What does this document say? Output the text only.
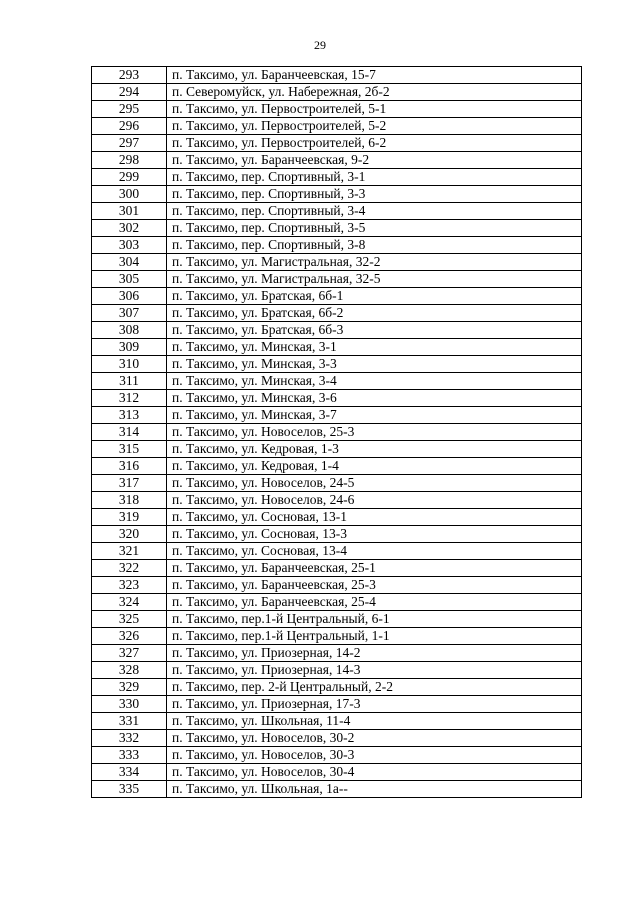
29
293	п. Таксимо, ул. Баранчеевская, 15-7
294	п. Северомуйск, ул. Набережная, 2б-2
295	п. Таксимо, ул. Первостроителей, 5-1
296	п. Таксимо, ул. Первостроителей, 5-2
297	п. Таксимо, ул. Первостроителей, 6-2
298	п. Таксимо, ул. Баранчеевская, 9-2
299	п. Таксимо, пер. Спортивный, 3-1
300	п. Таксимо, пер. Спортивный, 3-3
301	п. Таксимо, пер. Спортивный, 3-4
302	п. Таксимо, пер. Спортивный, 3-5
303	п. Таксимо, пер. Спортивный, 3-8
304	п. Таксимо, ул. Магистральная, 32-2
305	п. Таксимо, ул. Магистральная, 32-5
306	п. Таксимо, ул. Братская, 6б-1
307	п. Таксимо, ул. Братская, 6б-2
308	п. Таксимо, ул. Братская, 6б-3
309	п. Таксимо, ул. Минская, 3-1
310	п. Таксимо, ул. Минская, 3-3
311	п. Таксимо, ул. Минская, 3-4
312	п. Таксимо, ул. Минская, 3-6
313	п. Таксимо, ул. Минская, 3-7
314	п. Таксимо, ул. Новоселов, 25-3
315	п. Таксимо, ул. Кедровая, 1-3
316	п. Таксимо, ул. Кедровая, 1-4
317	п. Таксимо, ул. Новоселов, 24-5
318	п. Таксимо, ул. Новоселов, 24-6
319	п. Таксимо, ул. Сосновая, 13-1
320	п. Таксимо, ул. Сосновая, 13-3
321	п. Таксимо, ул. Сосновая, 13-4
322	п. Таксимо, ул. Баранчеевская, 25-1
323	п. Таксимо, ул. Баранчеевская, 25-3
324	п. Таксимо, ул. Баранчеевская, 25-4
325	п. Таксимо, пер.1-й Центральный, 6-1
326	п. Таксимо, пер.1-й Центральный, 1-1
327	п. Таксимо, ул. Приозерная, 14-2
328	п. Таксимо, ул. Приозерная, 14-3
329	п. Таксимо, пер. 2-й Центральный, 2-2
330	п. Таксимо, ул. Приозерная, 17-3
331	п. Таксимо, ул. Школьная, 11-4
332	п. Таксимо, ул. Новоселов, 30-2
333	п. Таксимо, ул. Новоселов, 30-3
334	п. Таксимо, ул. Новоселов, 30-4
335	п. Таксимо, ул. Школьная, 1а--
